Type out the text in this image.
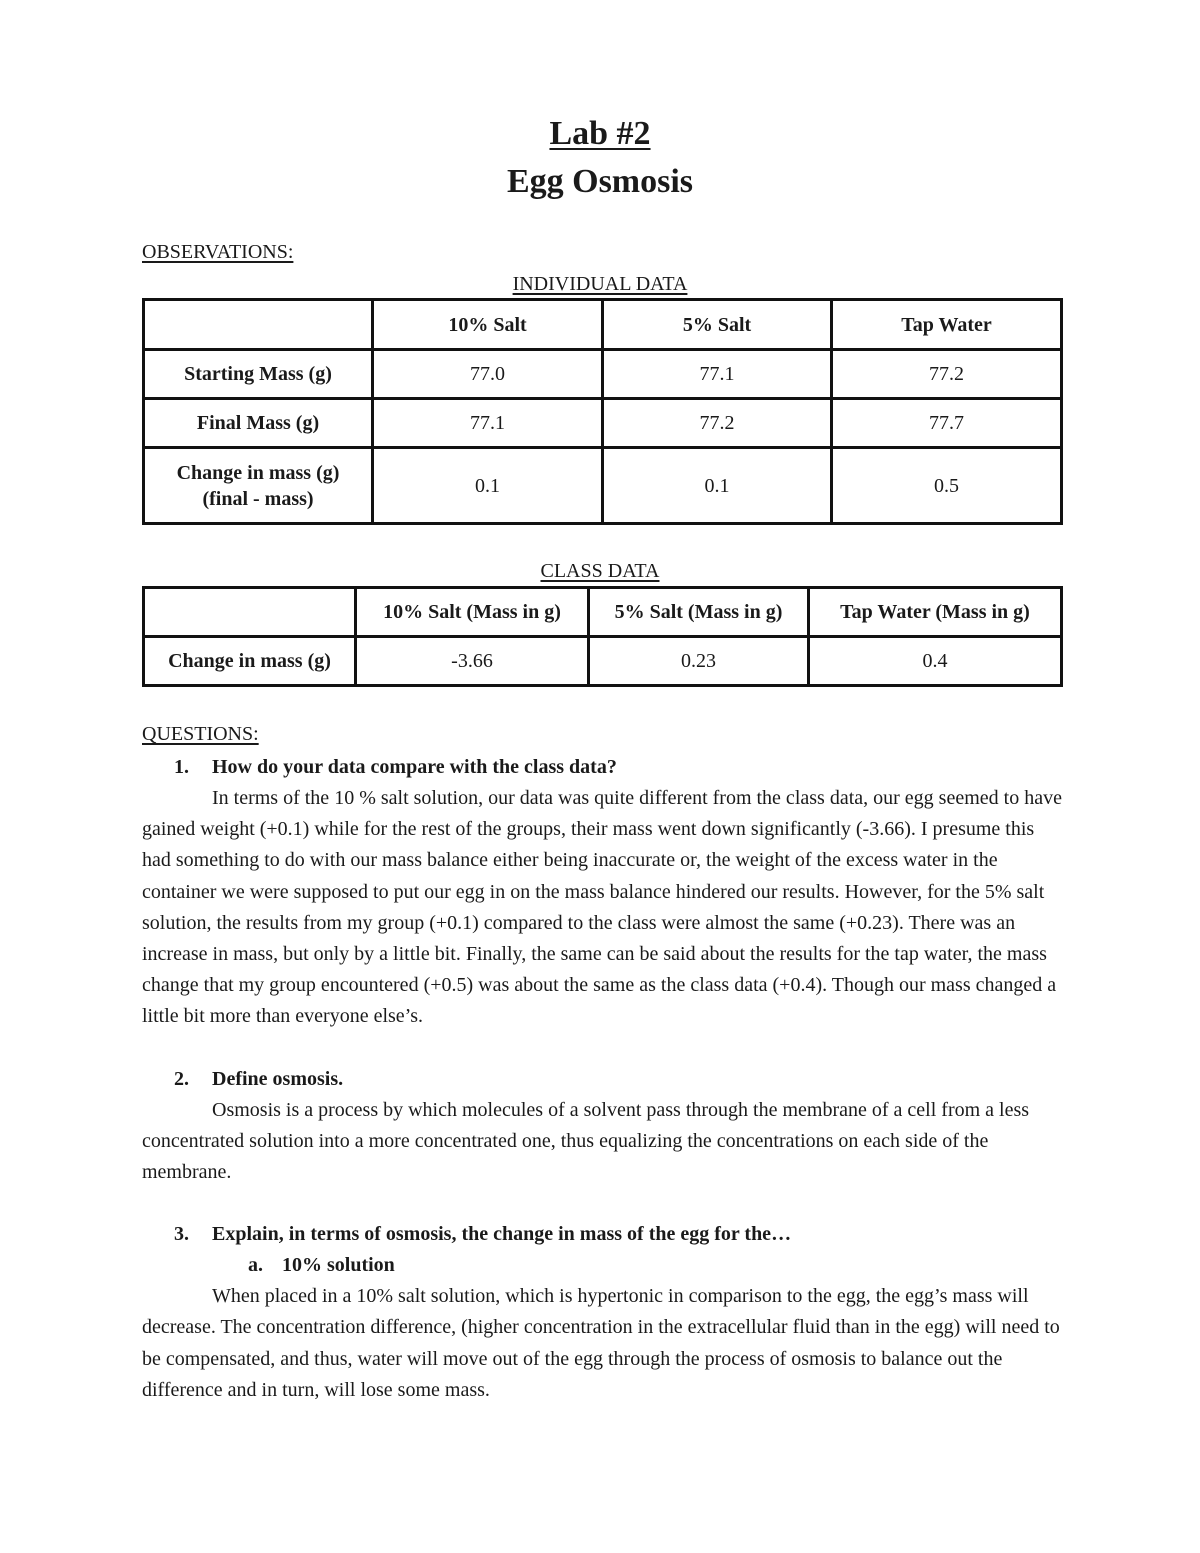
Lab #2
Egg Osmosis
OBSERVATIONS:
INDIVIDUAL DATA
	10% Salt	5% Salt	Tap Water
Starting Mass (g)	77.0	77.1	77.2
Final Mass (g)	77.1	77.2	77.7

Change in mass (g)
(final - mass)	0.1	0.1	0.5
CLASS DATA
	10% Salt (Mass in g)	5% Salt (Mass in g)	Tap Water (Mass in g)
Change in mass (g)	-3.66	0.23	0.4
QUESTIONS:
1. How do your data compare with the class data?

In terms of the 10 % salt solution, our data was quite different from the class data, our egg seemed to have gained weight (+0.1) while for the rest of the groups, their mass went down significantly (-3.66). I presume this had something to do with our mass balance either being inaccurate or, the weight of the excess water in the container we were supposed to put our egg in on the mass balance hindered our results. However, for the 5% salt solution, the results from my group (+0.1) compared to the class were almost the same (+0.23). There was an increase in mass, but only by a little bit. Finally, the same can be said about the results for the tap water, the mass change that my group encountered (+0.5) was about the same as the class data (+0.4). Though our mass changed a little bit more than everyone else’s.

2. Define osmosis.

Osmosis is a process by which molecules of a solvent pass through the membrane of a cell from a less concentrated solution into a more concentrated one, thus equalizing the concentrations on each side of the membrane.

3. Explain, in terms of osmosis, the change in mass of the egg for the…
a. 10% solution

When placed in a 10% salt solution, which is hypertonic in comparison to the egg, the egg’s mass will decrease. The concentration difference, (higher concentration in the extracellular fluid than in the egg) will need to be compensated, and thus, water will move out of the egg through the process of osmosis to balance out the difference and in turn, will lose some mass.
